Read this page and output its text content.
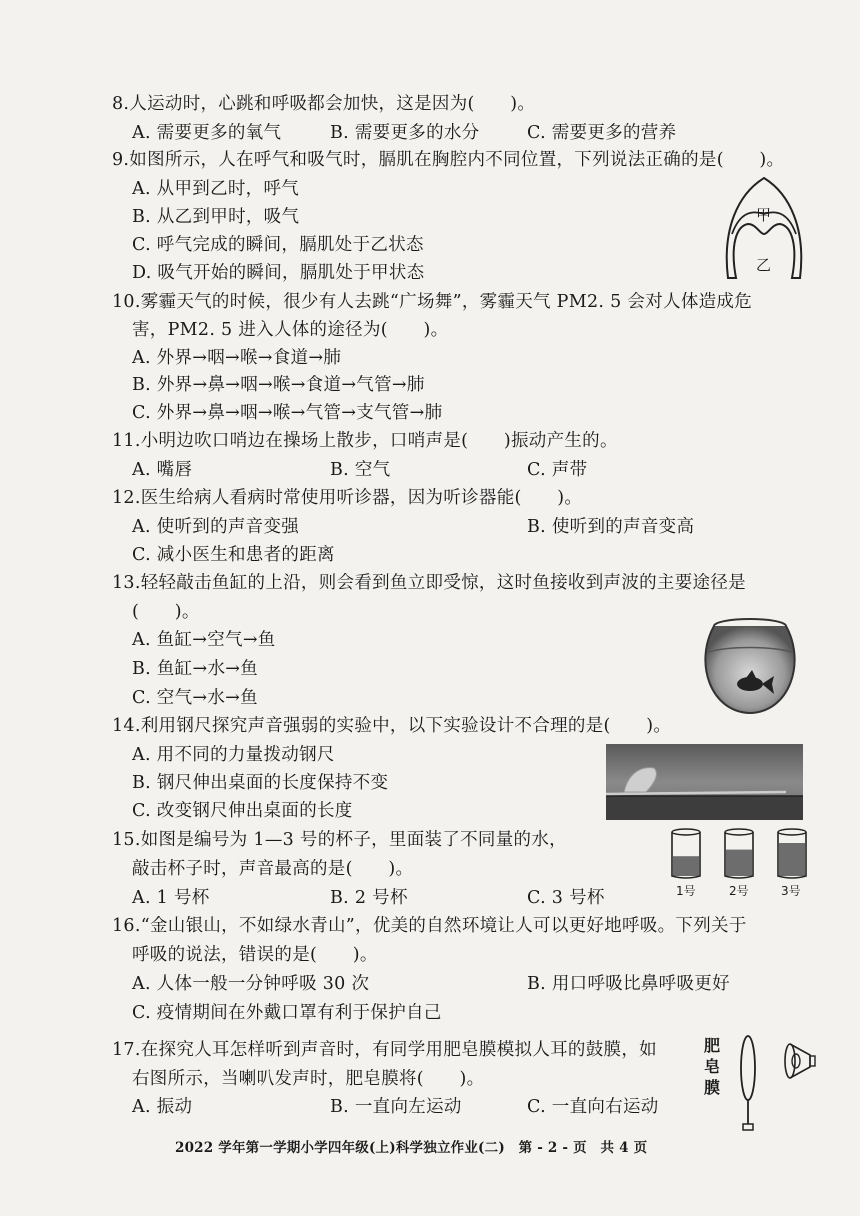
8.人运动时，心跳和呼吸都会加快，这是因为(　　)。
A. 需要更多的氧气	B. 需要更多的水分	C. 需要更多的营养
9.如图所示，人在呼气和吸气时，膈肌在胸腔内不同位置，下列说法正确的是(　　)。
A. 从甲到乙时，呼气
B. 从乙到甲时，吸气
C. 呼气完成的瞬间，膈肌处于乙状态
D. 吸气开始的瞬间，膈肌处于甲状态
甲
乙
10.雾霾天气的时候，很少有人去跳“广场舞”，雾霾天气 PM2. 5 会对人体造成危
害，PM2. 5 进入人体的途径为(　　)。
A. 外界→咽→喉→食道→肺
B. 外界→鼻→咽→喉→食道→气管→肺
C. 外界→鼻→咽→喉→气管→支气管→肺
11.小明边吹口哨边在操场上散步，口哨声是(　　)振动产生的。
A. 嘴唇	B. 空气	C. 声带
12.医生给病人看病时常使用听诊器，因为听诊器能(　　)。
A. 使听到的声音变强	B. 使听到的声音变高
C. 减小医生和患者的距离
13.轻轻敲击鱼缸的上沿，则会看到鱼立即受惊，这时鱼接收到声波的主要途径是
(　　)。
A. 鱼缸→空气→鱼
B. 鱼缸→水→鱼
C. 空气→水→鱼
14.利用钢尺探究声音强弱的实验中，以下实验设计不合理的是(　　)。
A. 用不同的力量拨动钢尺
B. 钢尺伸出桌面的长度保持不变
C. 改变钢尺伸出桌面的长度
15.如图是编号为 1—3 号的杯子，里面装了不同量的水，
敲击杯子时，声音最高的是(　　)。
A. 1 号杯	B. 2 号杯	C. 3 号杯	1号	2号	3号
16.“金山银山，不如绿水青山”，优美的自然环境让人可以更好地呼吸。下列关于
呼吸的说法，错误的是(　　)。
A. 人体一般一分钟呼吸 30 次	B. 用口呼吸比鼻呼吸更好
C. 疫情期间在外戴口罩有利于保护自己
17.在探究人耳怎样听到声音时，有同学用肥皂膜模拟人耳的鼓膜，如
右图所示，当喇叭发声时，肥皂膜将(　　)。
A. 振动	B. 一直向左运动	C. 一直向右运动
肥
皂
膜
2022 学年第一学期小学四年级(上)科学独立作业(二)　第 - 2 - 页　共 4 页
